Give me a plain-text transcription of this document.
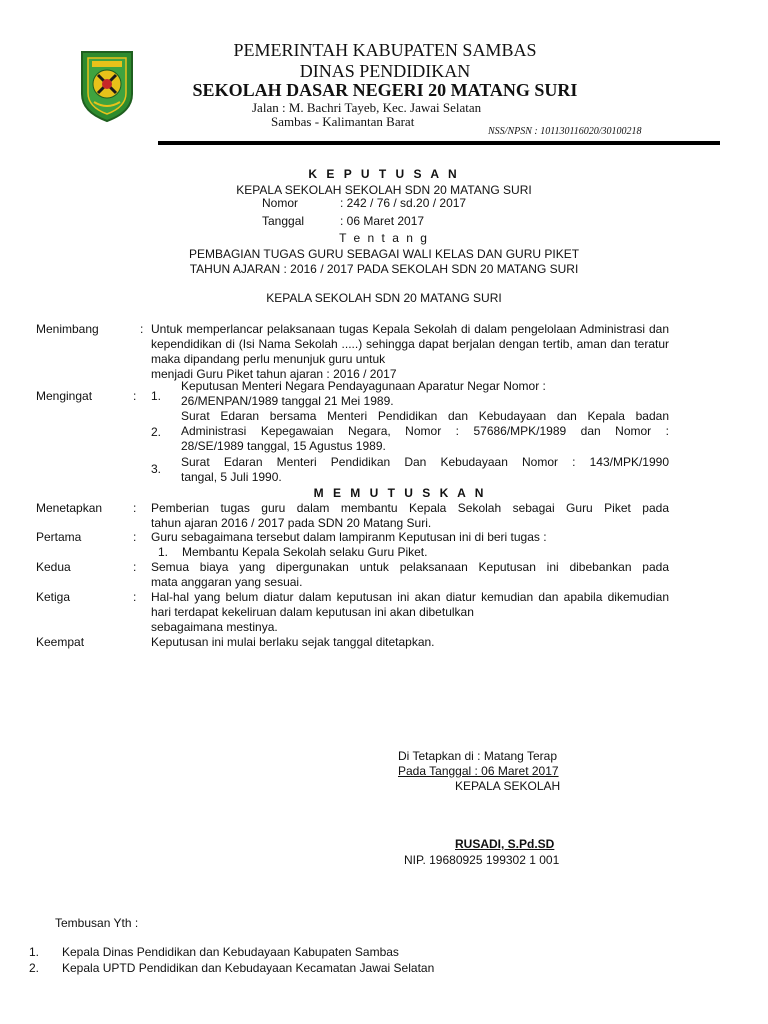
PEMERINTAH KABUPATEN SAMBAS
DINAS PENDIDIKAN
SEKOLAH DASAR NEGERI 20 MATANG SURI
Jalan : M. Bachri Tayeb, Kec. Jawai Selatan
Sambas - Kalimantan Barat
NSS/NPSN : 101130116020/30100218
K E P U T U S A N
KEPALA SEKOLAH SEKOLAH SDN 20 MATANG SURI
Nomor	: 242 / 76 / sd.20 / 2017
Tanggal	: 06 Maret 2017
T e n t a n g
PEMBAGIAN TUGAS GURU SEBAGAI WALI KELAS DAN GURU PIKET
TAHUN AJARAN : 2016 / 2017 PADA SEKOLAH SDN 20 MATANG SURI
KEPALA SEKOLAH SDN 20 MATANG SURI
Menimbang	: Untuk memperlancar pelaksanaan tugas Kepala Sekolah di dalam pengelolaan Administrasi dan kependidikan di (Isi Nama Sekolah .....) sehingga dapat berjalan dengan tertib, aman dan teratur maka dipandang perlu menunjuk guru untuk
menjadi Guru Piket tahun ajaran : 2016 / 2017
Mengingat	: 1.
Keputusan Menteri Negara Pendayagunaan Aparatur Negar Nomor :
26/MENPAN/1989 tanggal 21 Mei 1989.
2.
Surat Edaran bersama Menteri Pendidikan dan Kebudayaan dan Kepala badan
Administrasi Kepegawaian Negara, Nomor : 57686/MPK/1989 dan Nomor :
28/SE/1989 tanggal, 15 Agustus 1989.
3. Surat Edaran Menteri Pendidikan Dan Kebudayaan Nomor : 143/MPK/1990
tangal, 5 Juli 1990.
M E M U T U S K A N
Menetapkan	: Pemberian tugas guru dalam membantu Kepala Sekolah sebagai Guru Piket pada
tahun ajaran 2016 / 2017 pada SDN 20 Matang Suri.
Pertama	: Guru sebagaimana tersebut dalam lampiranm Keputusan ini di beri tugas :
1. Membantu Kepala Sekolah selaku Guru Piket.
Kedua	: Semua biaya yang dipergunakan untuk pelaksanaan Keputusan ini dibebankan pada
mata anggaran yang sesuai.
Ketiga	: Hal-hal yang belum diatur dalam keputusan ini akan diatur kemudian dan apabila dikemudian hari terdapat kekeliruan dalam keputusan ini akan dibetulkan
sebagaimana mestinya.
Keempat	Keputusan ini mulai berlaku sejak tanggal ditetapkan.
Di Tetapkan di : Matang Terap
Pada Tanggal : 06 Maret 2017
KEPALA SEKOLAH
RUSADI, S.Pd.SD
NIP. 19680925 199302 1 001
Tembusan Yth :
1. Kepala Dinas Pendidikan dan Kebudayaan Kabupaten Sambas
2. Kepala UPTD Pendidikan dan Kebudayaan Kecamatan Jawai Selatan
